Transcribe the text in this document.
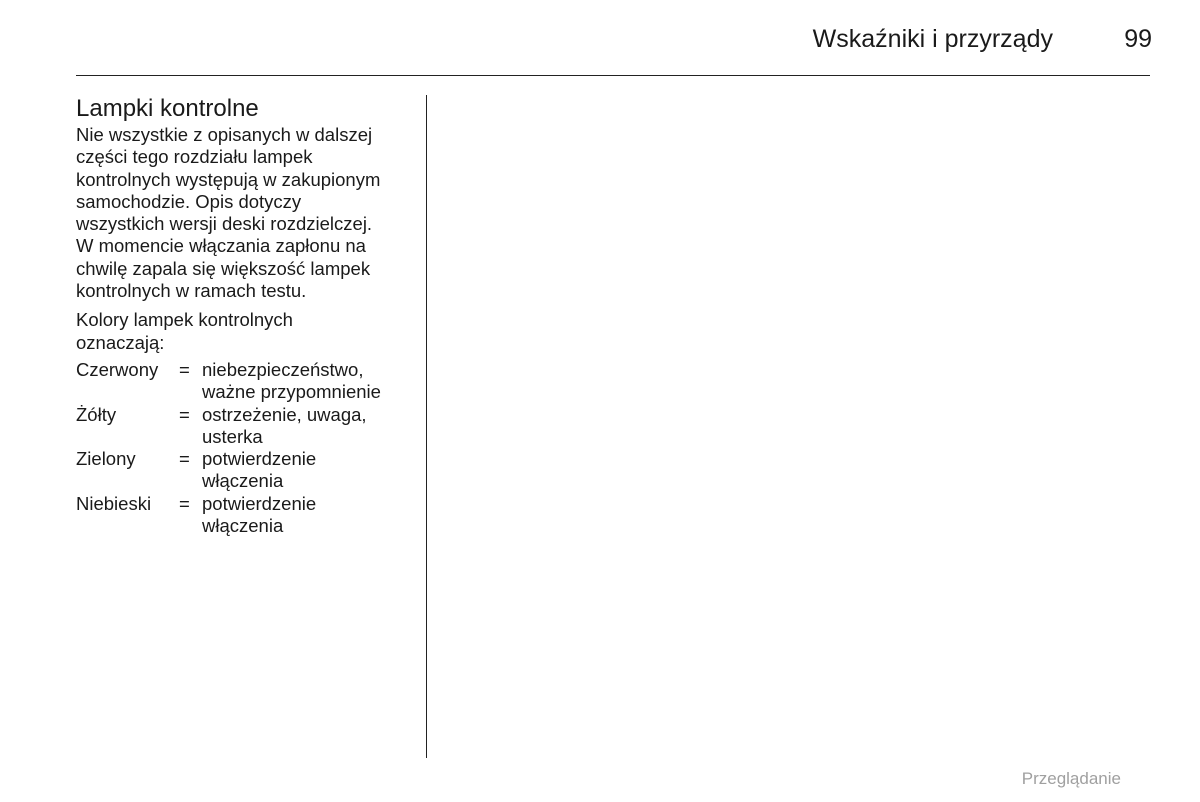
Wskaźniki i przyrządy	99
Lampki kontrolne

Nie wszystkie z opisanych w dalszej
części tego rozdziału lampek
kontrolnych występują w zakupionym
samochodzie. Opis dotyczy
wszystkich wersji deski rozdzielczej.
W momencie włączania zapłonu na
chwilę zapala się większość lampek
kontrolnych w ramach testu.

Kolory lampek kontrolnych
oznaczają:

Czerwony	= niebezpieczeństwo,
ważne przypomnienie
Żółty	= ostrzeżenie, uwaga,
usterka
Zielony	= potwierdzenie
włączenia
Niebieski	= potwierdzenie
włączenia
Przeglądanie
